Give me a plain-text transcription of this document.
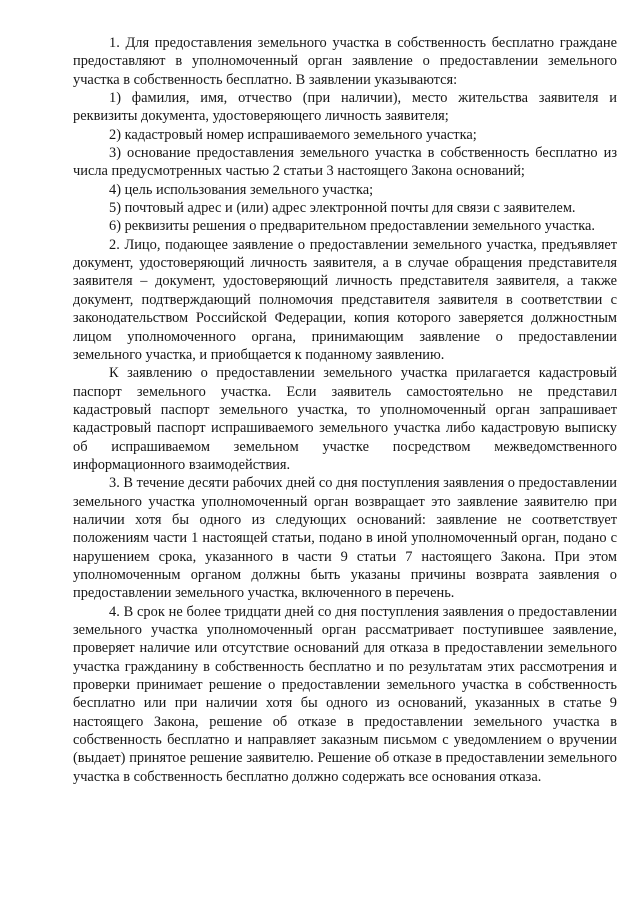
1. Для предоставления земельного участка в собственность бесплатно граждане предоставляют в уполномоченный орган заявление о предоставлении земельного участка в собственность бесплатно. В заявлении указываются:

1) фамилия, имя, отчество (при наличии), место жительства заявителя и реквизиты документа, удостоверяющего личность заявителя;

2) кадастровый номер испрашиваемого земельного участка;

3) основание предоставления земельного участка в собственность бесплатно из числа предусмотренных частью 2 статьи 3 настоящего Закона оснований;

4) цель использования земельного участка;

5) почтовый адрес и (или) адрес электронной почты для связи с заявителем.

6) реквизиты решения о предварительном предоставлении земельного участка.

2. Лицо, подающее заявление о предоставлении земельного участка, предъявляет документ, удостоверяющий личность заявителя, а в случае обращения представителя заявителя – документ, удостоверяющий личность представителя заявителя, а также документ, подтверждающий полномочия представителя заявителя в соответствии с законодательством Российской Федерации, копия которого заверяется должностным лицом уполномоченного органа, принимающим заявление о предоставлении земельного участка, и приобщается к поданному заявлению.

К заявлению о предоставлении земельного участка прилагается кадастровый паспорт земельного участка. Если заявитель самостоятельно не представил кадастровый паспорт земельного участка, то уполномоченный орган запрашивает кадастровый паспорт испрашиваемого земельного участка либо кадастровую выписку об испрашиваемом земельном участке посредством межведомственного информационного взаимодействия.

3. В течение десяти рабочих дней со дня поступления заявления о предоставлении земельного участка уполномоченный орган возвращает это заявление заявителю при наличии хотя бы одного из следующих оснований: заявление не соответствует положениям части 1 настоящей статьи, подано в иной уполномоченный орган, подано с нарушением срока, указанного в части 9 статьи 7 настоящего Закона. При этом уполномоченным органом должны быть указаны причины возврата заявления о предоставлении земельного участка, включенного в перечень.

4. В срок не более тридцати дней со дня поступления заявления о предоставлении земельного участка уполномоченный орган рассматривает поступившее заявление, проверяет наличие или отсутствие оснований для отказа в предоставлении земельного участка гражданину в собственность бесплатно и по результатам этих рассмотрения и проверки принимает решение о предоставлении земельного участка в собственность бесплатно или при наличии хотя бы одного из оснований, указанных в статье 9 настоящего Закона, решение об отказе в предоставлении земельного участка в собственность бесплатно и направляет заказным письмом с уведомлением о вручении (выдает) принятое решение заявителю. Решение об отказе в предоставлении земельного участка в собственность бесплатно должно содержать все основания отказа.
